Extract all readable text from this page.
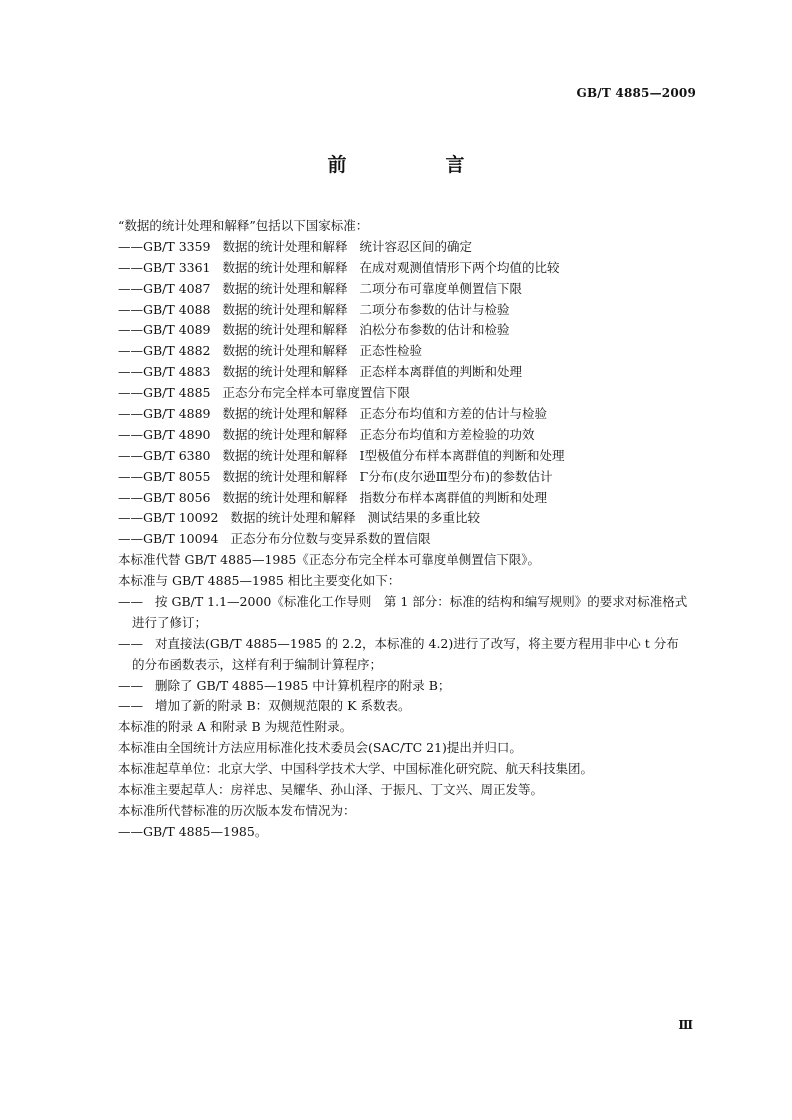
GB/T 4885—2009
前　言
“数据的统计处理和解释”包括以下国家标准：
——GB/T 3359 数据的统计处理和解释 统计容忍区间的确定
——GB/T 3361 数据的统计处理和解释 在成对观测值情形下两个均值的比较
——GB/T 4087 数据的统计处理和解释 二项分布可靠度单侧置信下限
——GB/T 4088 数据的统计处理和解释 二项分布参数的估计与检验
——GB/T 4089 数据的统计处理和解释 泊松分布参数的估计和检验
——GB/T 4882 数据的统计处理和解释 正态性检验
——GB/T 4883 数据的统计处理和解释 正态样本离群值的判断和处理
——GB/T 4885 正态分布完全样本可靠度置信下限
——GB/T 4889 数据的统计处理和解释 正态分布均值和方差的估计与检验
——GB/T 4890 数据的统计处理和解释 正态分布均值和方差检验的功效
——GB/T 6380 数据的统计处理和解释 Ⅰ型极值分布样本离群值的判断和处理
——GB/T 8055 数据的统计处理和解释 Γ分布(皮尔逊Ⅲ型分布)的参数估计
——GB/T 8056 数据的统计处理和解释 指数分布样本离群值的判断和处理
——GB/T 10092 数据的统计处理和解释 测试结果的多重比较
——GB/T 10094 正态分布分位数与变异系数的置信限
本标准代替 GB/T 4885—1985《正态分布完全样本可靠度单侧置信下限》。
本标准与 GB/T 4885—1985 相比主要变化如下：
—— 按 GB/T 1.1—2000《标准化工作导则　第 1 部分：标准的结构和编写规则》的要求对标准格式
进行了修订；
—— 对直接法(GB/T 4885—1985 的 2.2，本标准的 4.2)进行了改写，将主要方程用非中心 t 分布
的分布函数表示，这样有利于编制计算程序；
—— 删除了 GB/T 4885—1985 中计算机程序的附录 B；
—— 增加了新的附录 B：双侧规范限的 K 系数表。
本标准的附录 A 和附录 B 为规范性附录。
本标准由全国统计方法应用标准化技术委员会(SAC/TC 21)提出并归口。
本标准起草单位：北京大学、中国科学技术大学、中国标准化研究院、航天科技集团。
本标准主要起草人：房祥忠、吴耀华、孙山泽、于振凡、丁文兴、周正发等。
本标准所代替标准的历次版本发布情况为：
——GB/T 4885—1985。
Ⅲ
